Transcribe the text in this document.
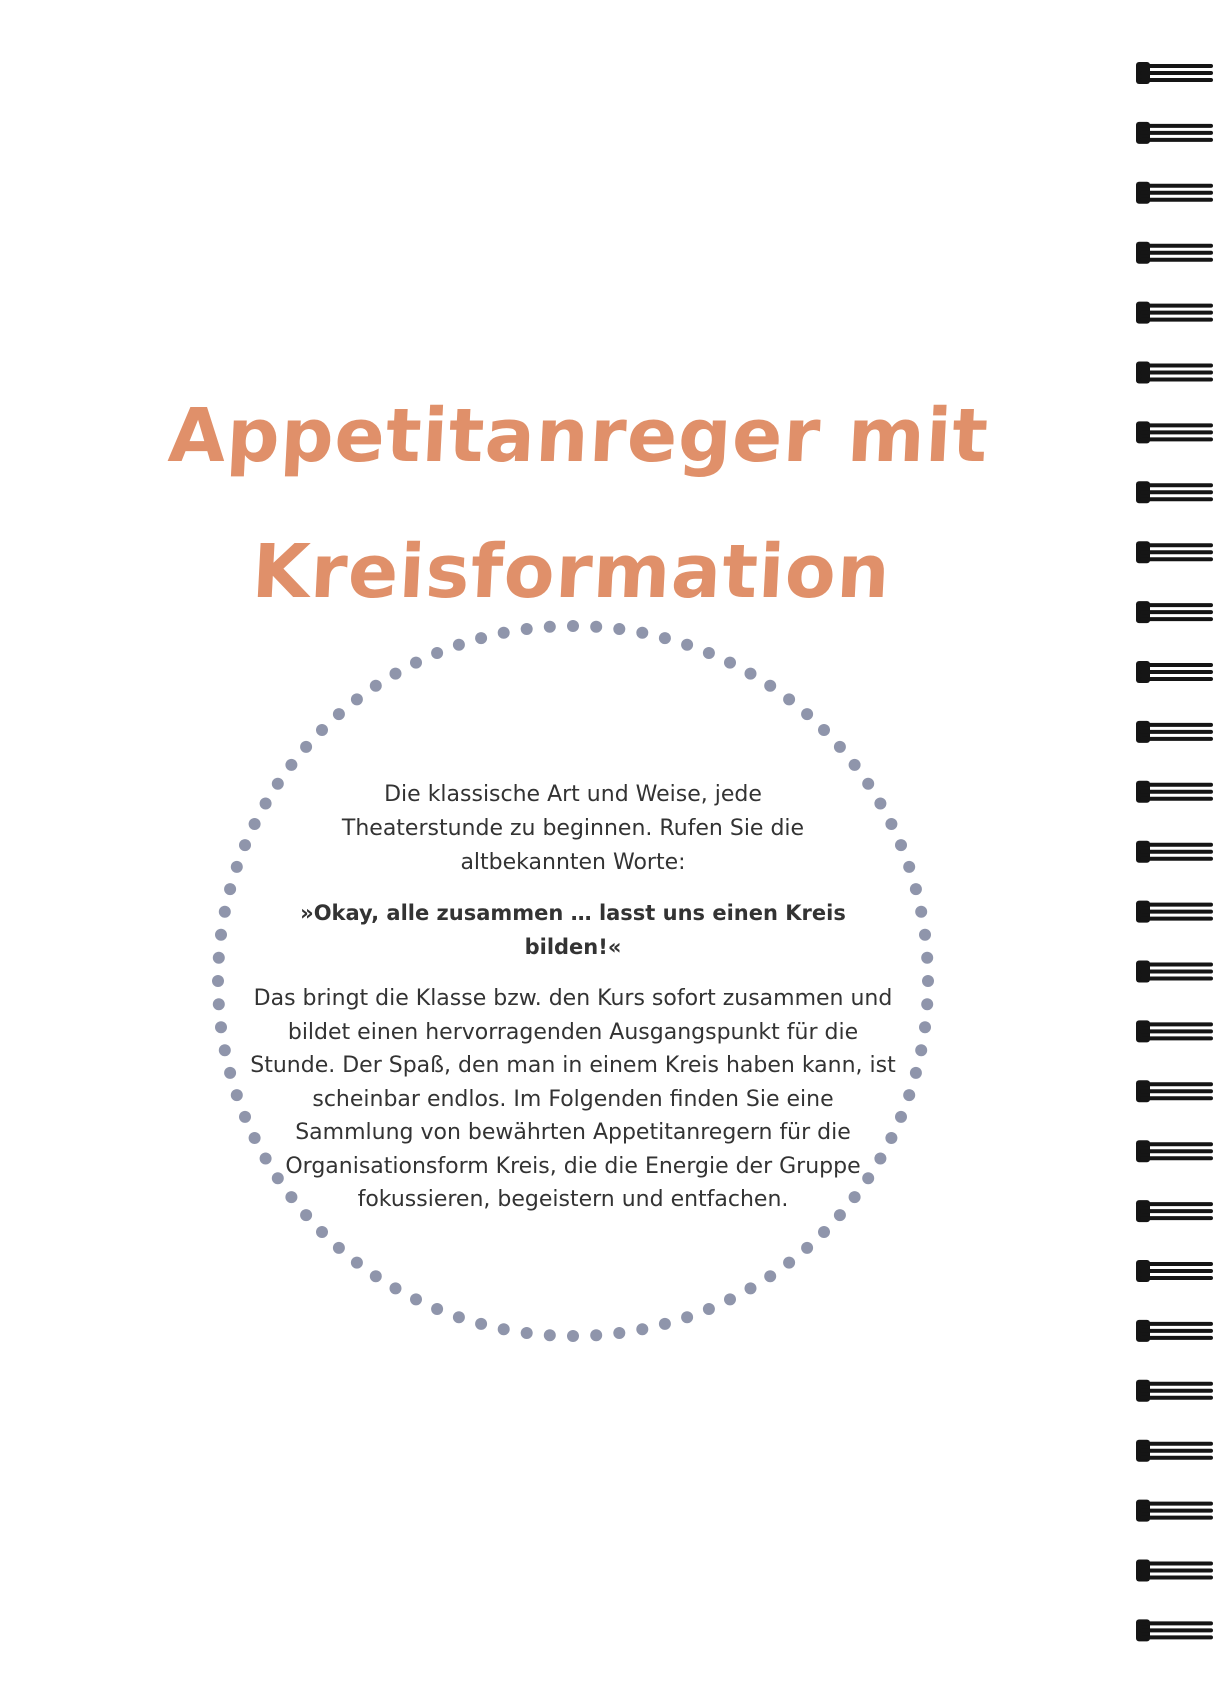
Appetitanreger mit
Kreisformation

Die klassische Art und Weise, jede Theaterstunde zu beginnen. Rufen Sie die altbekannten Worte:

»Okay, alle zusammen … lasst uns einen Kreis bilden!«

Das bringt die Klasse bzw. den Kurs sofort zusammen und bildet einen hervorragenden Ausgangspunkt für die Stunde. Der Spaß, den man in einem Kreis haben kann, ist scheinbar endlos. Im Folgenden finden Sie eine Sammlung von bewährten Appetitanregern für die Organisationsform Kreis, die die Energie der Gruppe fokussieren, begeistern und entfachen.
